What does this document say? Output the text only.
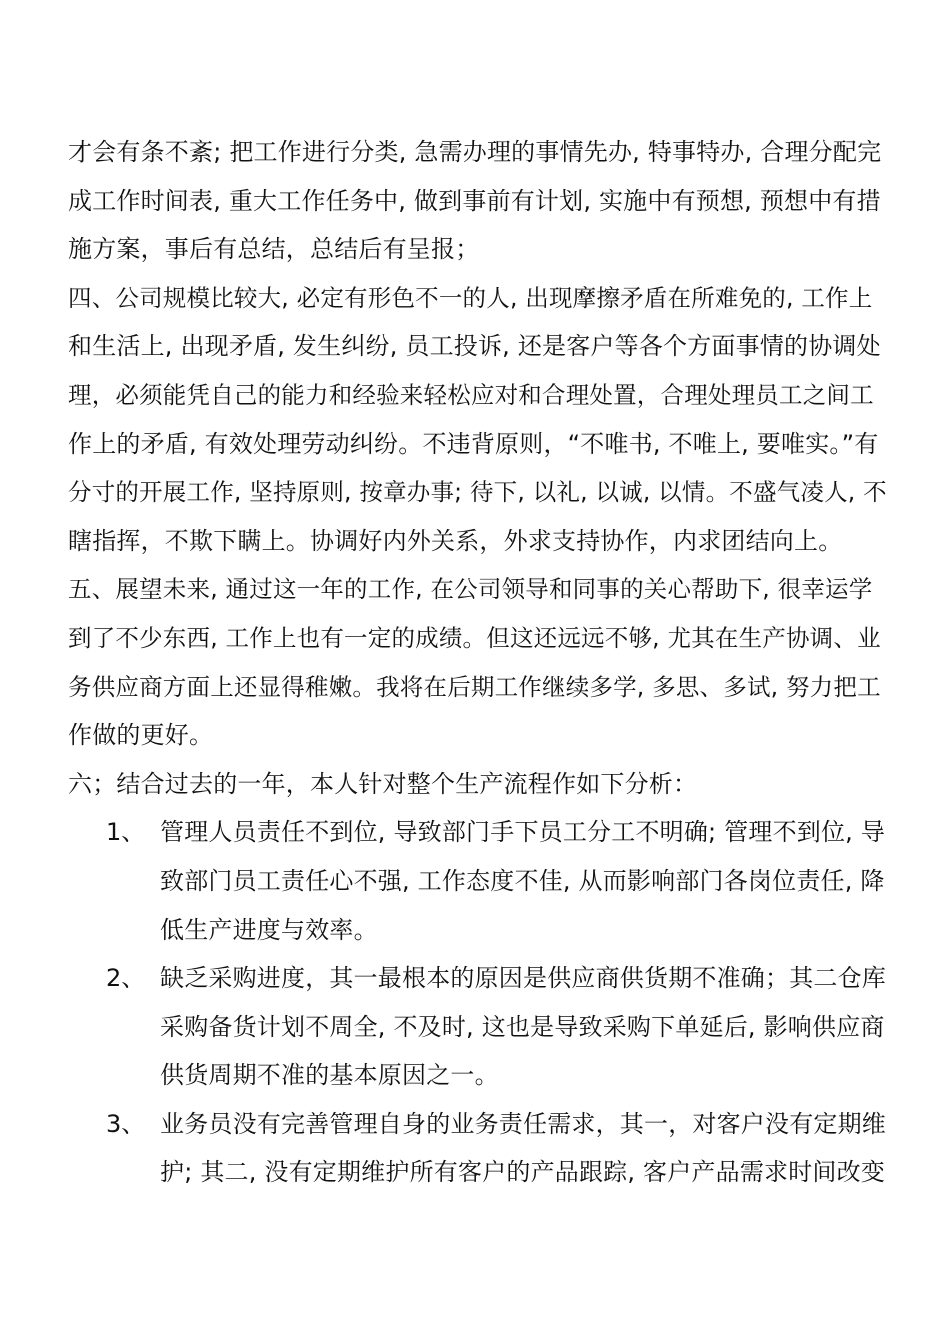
才会有条不紊; 把工作进行分类, 急需办理的事情先办, 特事特办, 合理分配完
成工作时间表, 重大工作任务中, 做到事前有计划, 实施中有预想, 预想中有措
施方案，事后有总结，总结后有呈报；
四、公司规模比较大, 必定有形色不一的人, 出现摩擦矛盾在所难免的, 工作上
和生活上, 出现矛盾, 发生纠纷, 员工投诉, 还是客户等各个方面事情的协调处
理，必须能凭自己的能力和经验来轻松应对和合理处置，合理处理员工之间工
作上的矛盾, 有效处理劳动纠纷。不违背原则，“不唯书, 不唯上, 要唯实。”有
分寸的开展工作, 坚持原则, 按章办事; 待下, 以礼, 以诚, 以情。不盛气凌人, 不
瞎指挥，不欺下瞒上。协调好内外关系，外求支持协作，内求团结向上。
五、展望未来, 通过这一年的工作, 在公司领导和同事的关心帮助下, 很幸运学
到了不少东西, 工作上也有一定的成绩。但这还远远不够, 尤其在生产协调、业
务供应商方面上还显得稚嫩。我将在后期工作继续多学, 多思、多试, 努力把工
作做的更好。
六；结合过去的一年，本人针对整个生产流程作如下分析：
1、 管理人员责任不到位, 导致部门手下员工分工不明确; 管理不到位, 导
致部门员工责任心不强, 工作态度不佳, 从而影响部门各岗位责任, 降
低生产进度与效率。
2、 缺乏采购进度，其一最根本的原因是供应商供货期不准确；其二仓库
采购备货计划不周全, 不及时, 这也是导致采购下单延后, 影响供应商
供货周期不准的基本原因之一。
3、 业务员没有完善管理自身的业务责任需求，其一，对客户没有定期维
护; 其二, 没有定期维护所有客户的产品跟踪, 客户产品需求时间改变
